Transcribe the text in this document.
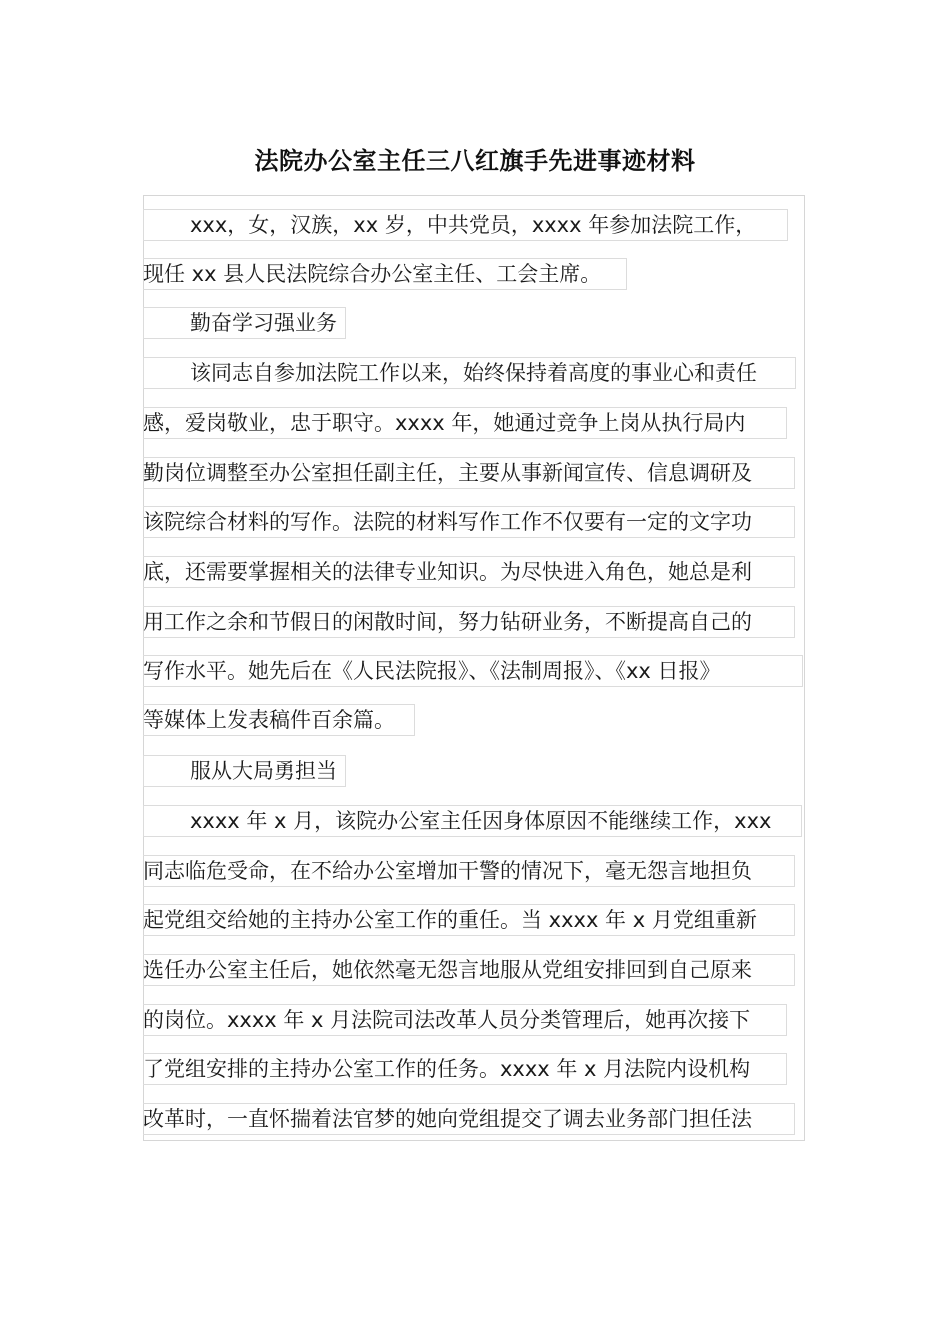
法院办公室主任三八红旗手先进事迹材料
xxx，女，汉族，xx 岁，中共党员，xxxx 年参加法院工作，
现任 xx 县人民法院综合办公室主任、工会主席。
勤奋学习强业务
该同志自参加法院工作以来，始终保持着高度的事业心和责任
感，爱岗敬业，忠于职守。xxxx 年，她通过竞争上岗从执行局内
勤岗位调整至办公室担任副主任，主要从事新闻宣传、信息调研及
该院综合材料的写作。法院的材料写作工作不仅要有一定的文字功
底，还需要掌握相关的法律专业知识。为尽快进入角色，她总是利
用工作之余和节假日的闲散时间，努力钻研业务，不断提高自己的
写作水平。她先后在《人民法院报》、《法制周报》、《xx 日报》
等媒体上发表稿件百余篇。
服从大局勇担当
xxxx 年 x 月，该院办公室主任因身体原因不能继续工作，xxx
同志临危受命，在不给办公室增加干警的情况下，毫无怨言地担负
起党组交给她的主持办公室工作的重任。当 xxxx 年 x 月党组重新
选任办公室主任后，她依然毫无怨言地服从党组安排回到自己原来
的岗位。xxxx 年 x 月法院司法改革人员分类管理后，她再次接下
了党组安排的主持办公室工作的任务。xxxx 年 x 月法院内设机构
改革时，一直怀揣着法官梦的她向党组提交了调去业务部门担任法
